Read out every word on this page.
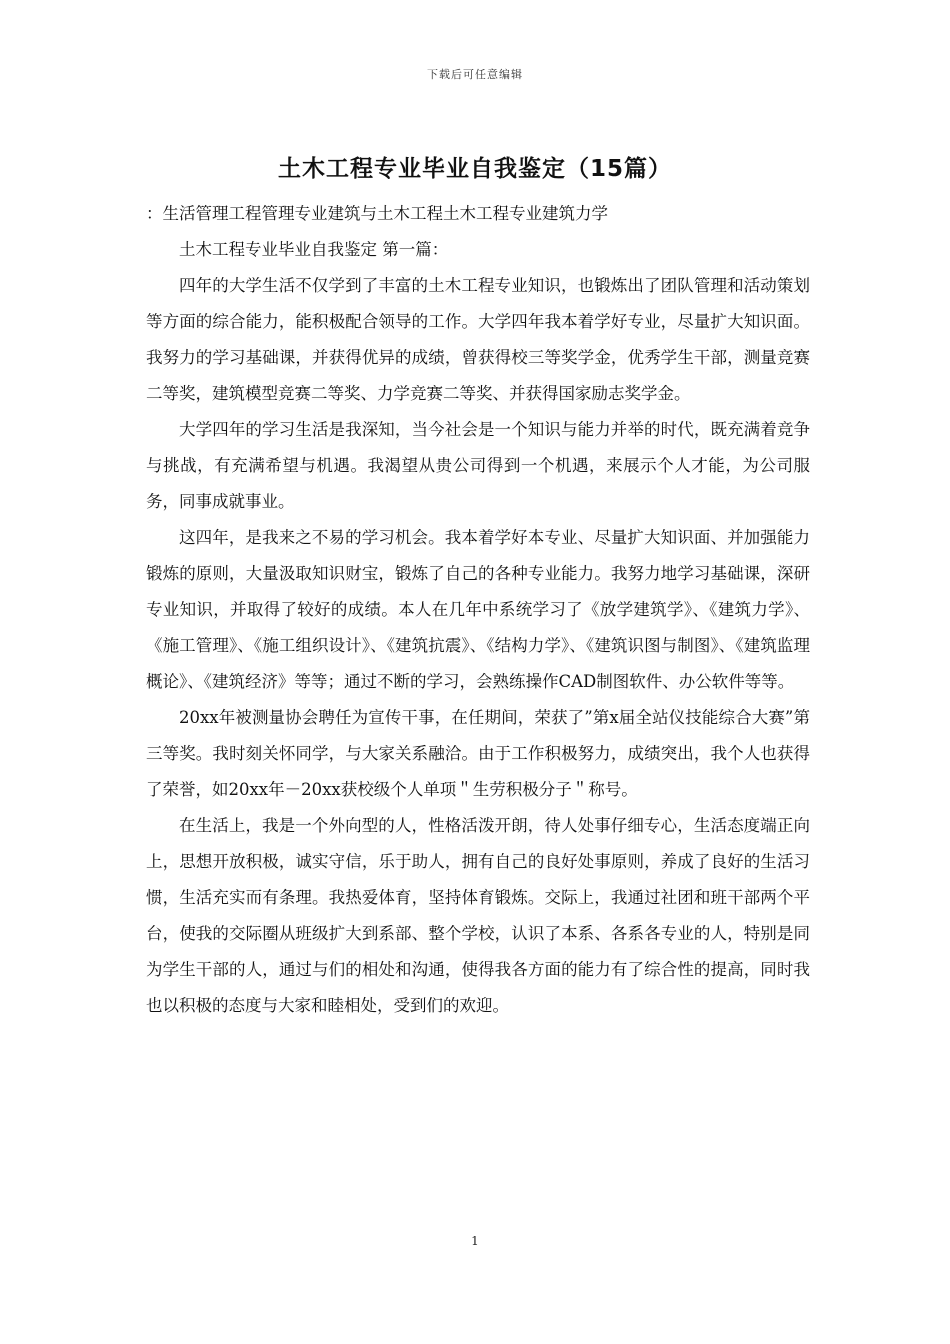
下载后可任意编辑
土木工程专业毕业自我鉴定（15篇）

：生活管理工程管理专业建筑与土木工程土木工程专业建筑力学

土木工程专业毕业自我鉴定 第一篇：

四年的大学生活不仅学到了丰富的土木工程专业知识，也锻炼出了团队管理和活动策划等方面的综合能力，能积极配合领导的工作。大学四年我本着学好专业，尽量扩大知识面。我努力的学习基础课，并获得优异的成绩，曾获得校三等奖学金，优秀学生干部，测量竞赛二等奖，建筑模型竞赛二等奖、力学竞赛二等奖、并获得国家励志奖学金。

大学四年的学习生活是我深知，当今社会是一个知识与能力并举的时代，既充满着竞争与挑战，有充满希望与机遇。我渴望从贵公司得到一个机遇，来展示个人才能，为公司服务，同事成就事业。

这四年，是我来之不易的学习机会。我本着学好本专业、尽量扩大知识面、并加强能力锻炼的原则，大量汲取知识财宝，锻炼了自己的各种专业能力。我努力地学习基础课，深研专业知识，并取得了较好的成绩。本人在几年中系统学习了《放学建筑学》、《建筑力学》、《施工管理》、《施工组织设计》、《建筑抗震》、《结构力学》、《建筑识图与制图》、《建筑监理概论》、《建筑经济》等等；通过不断的学习，会熟练操作CAD制图软件、办公软件等等。

20xx年被测量协会聘任为宣传干事，在任期间，荣获了”第x届全站仪技能综合大赛”第三等奖。我时刻关怀同学，与大家关系融洽。由于工作积极努力，成绩突出，我个人也获得了荣誉，如20xx年－20xx获校级个人单项＂生劳积极分子＂称号。

在生活上，我是一个外向型的人，性格活泼开朗，待人处事仔细专心，生活态度端正向上，思想开放积极，诚实守信，乐于助人，拥有自己的良好处事原则，养成了良好的生活习惯，生活充实而有条理。我热爱体育，坚持体育锻炼。交际上，我通过社团和班干部两个平台，使我的交际圈从班级扩大到系部、整个学校，认识了本系、各系各专业的人，特别是同为学生干部的人，通过与们的相处和沟通，使得我各方面的能力有了综合性的提高，同时我也以积极的态度与大家和睦相处，受到们的欢迎。

1
